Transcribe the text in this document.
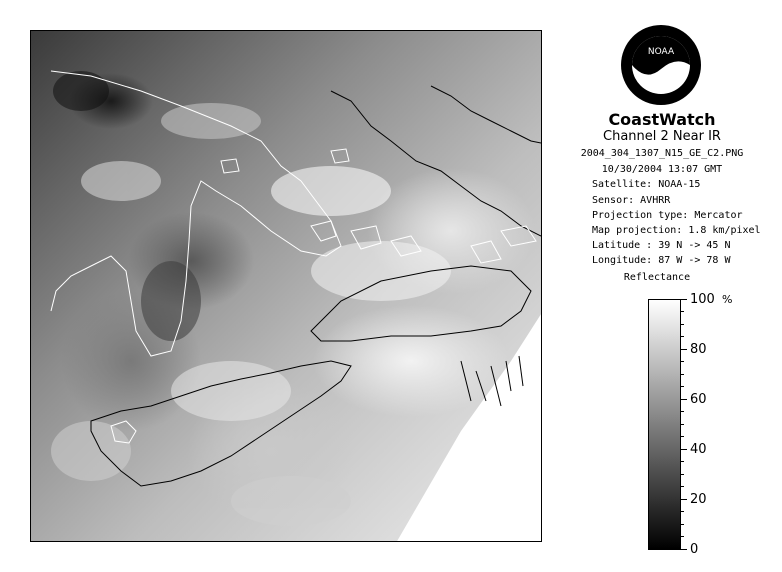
NOAA
CoastWatch
Channel 2 Near IR
2004_304_1307_N15_GE_C2.PNG
10/30/2004 13:07 GMT
Satellite: NOAA-15
Sensor: AVHRR
Projection type: Mercator
Map projection: 1.8 km/pixel
Latitude : 39 N -> 45 N
Longitude: 87 W -> 78 W
Reflectance
%
100
80
60
40
20
0
